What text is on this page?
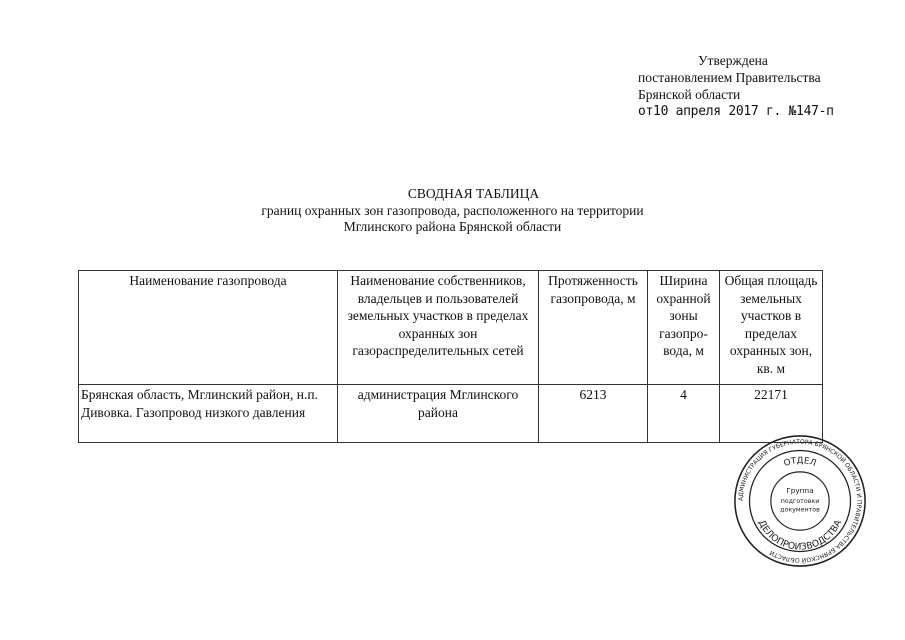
Утверждена
постановлением Правительства
Брянской области
от10 апреля 2017 г. №147-п
СВОДНАЯ ТАБЛИЦА
границ охранных зон газопровода, расположенного на территории
Мглинского района Брянской области
Наименование газопровода	Наименование собственников, владельцев и пользователей земельных участков в пределах охранных зон газораспределительных сетей	Протяженность газопровода, м	Ширина охранной зоны газопро-вода, м	Общая площадь земельных участков в пределах охранных зон, кв. м
Брянская область, Мглинский район, н.п. Дивовка. Газопровод низкого давления	администрация Мглинского района	6213	4	22171
АДМИНИСТРАЦИЯ ГУБЕРНАТОРА БРЯНСКОЙ ОБЛАСТИ И ПРАВИТЕЛЬСТВА БРЯНСКОЙ ОБЛАСТИ
ОТДЕЛ
ДЕЛОПРОИЗВОДСТВА
Группа
подготовки
документов
